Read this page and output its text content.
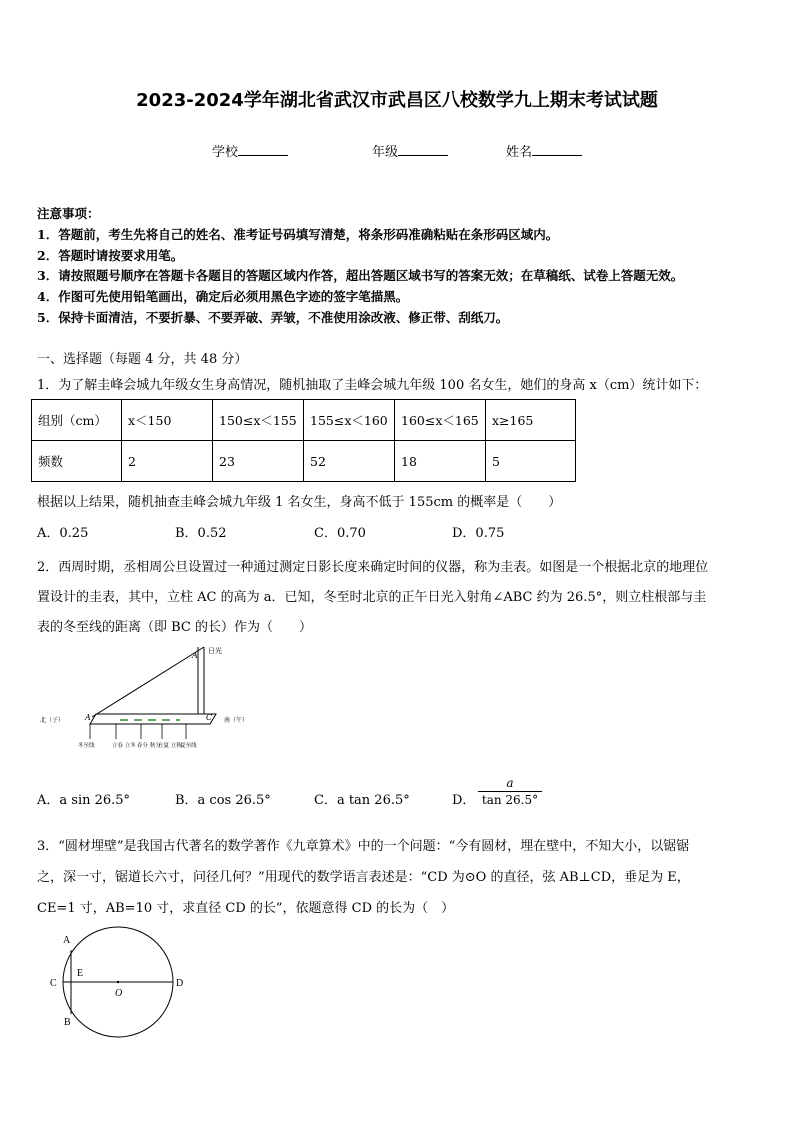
2023-2024学年湖北省武汉市武昌区八校数学九上期末考试试题
学校	年级	姓名
注意事项：
1．答题前，考生先将自己的姓名、准考证号码填写清楚，将条形码准确粘贴在条形码区域内。
2．答题时请按要求用笔。
3．请按照题号顺序在答题卡各题目的答题区域内作答，超出答题区域书写的答案无效；在草稿纸、试卷上答题无效。
4．作图可先使用铅笔画出，确定后必须用黑色字迹的签字笔描黑。
5．保持卡面清洁，不要折暴、不要弄破、弄皱，不准使用涂改液、修正带、刮纸刀。
一、选择题（每题 4 分，共 48 分）
1．为了解圭峰会城九年级女生身高情况，随机抽取了圭峰会城九年级 100 名女生，她们的身高 x（cm）统计如下：
组别（cm）	x＜150	150≤x＜155	155≤x＜160	160≤x＜165	x≥165
频数	2	23	52	18	5
根据以上结果，随机抽查圭峰会城九年级 1 名女生，身高不低于 155cm 的概率是（　　）
A．0.25	B．0.52	C．0.70	D．0.75
2．西周时期，丞相周公旦设置过一种通过测定日影长度来确定时间的仪器，称为圭表。如图是一个根据北京的地理位
置设计的圭表，其中，立柱 AC 的高为 a．已知，冬至时北京的正午日光入射角∠ABC 约为 26.5°，则立柱根部与圭
表的冬至线的距离（即 BC 的长）作为（　　）
日光
A
A	C
北（子）	南（午）
冬至线	立春 立冬 春分 秋分
立夏 立秋
夏至线
A．a sin 26.5°	B．a cos 26.5°	C．a tan 26.5°	D． $\frac{a}{\tan 26.5^\circ}$
3．“圆材埋壁”是我国古代著名的数学著作《九章算术》中的一个问题：“今有圆材，埋在壁中，不知大小，以锯锯
之，深一寸，锯道长六寸，问径几何？”用现代的数学语言表述是：“CD 为⊙O 的直径，弦 AB⊥CD，垂足为 E，
CE=1 寸，AB=10 寸，求直径 CD 的长”，依题意得 CD 的长为（　）
A
B
C	D
E
O
